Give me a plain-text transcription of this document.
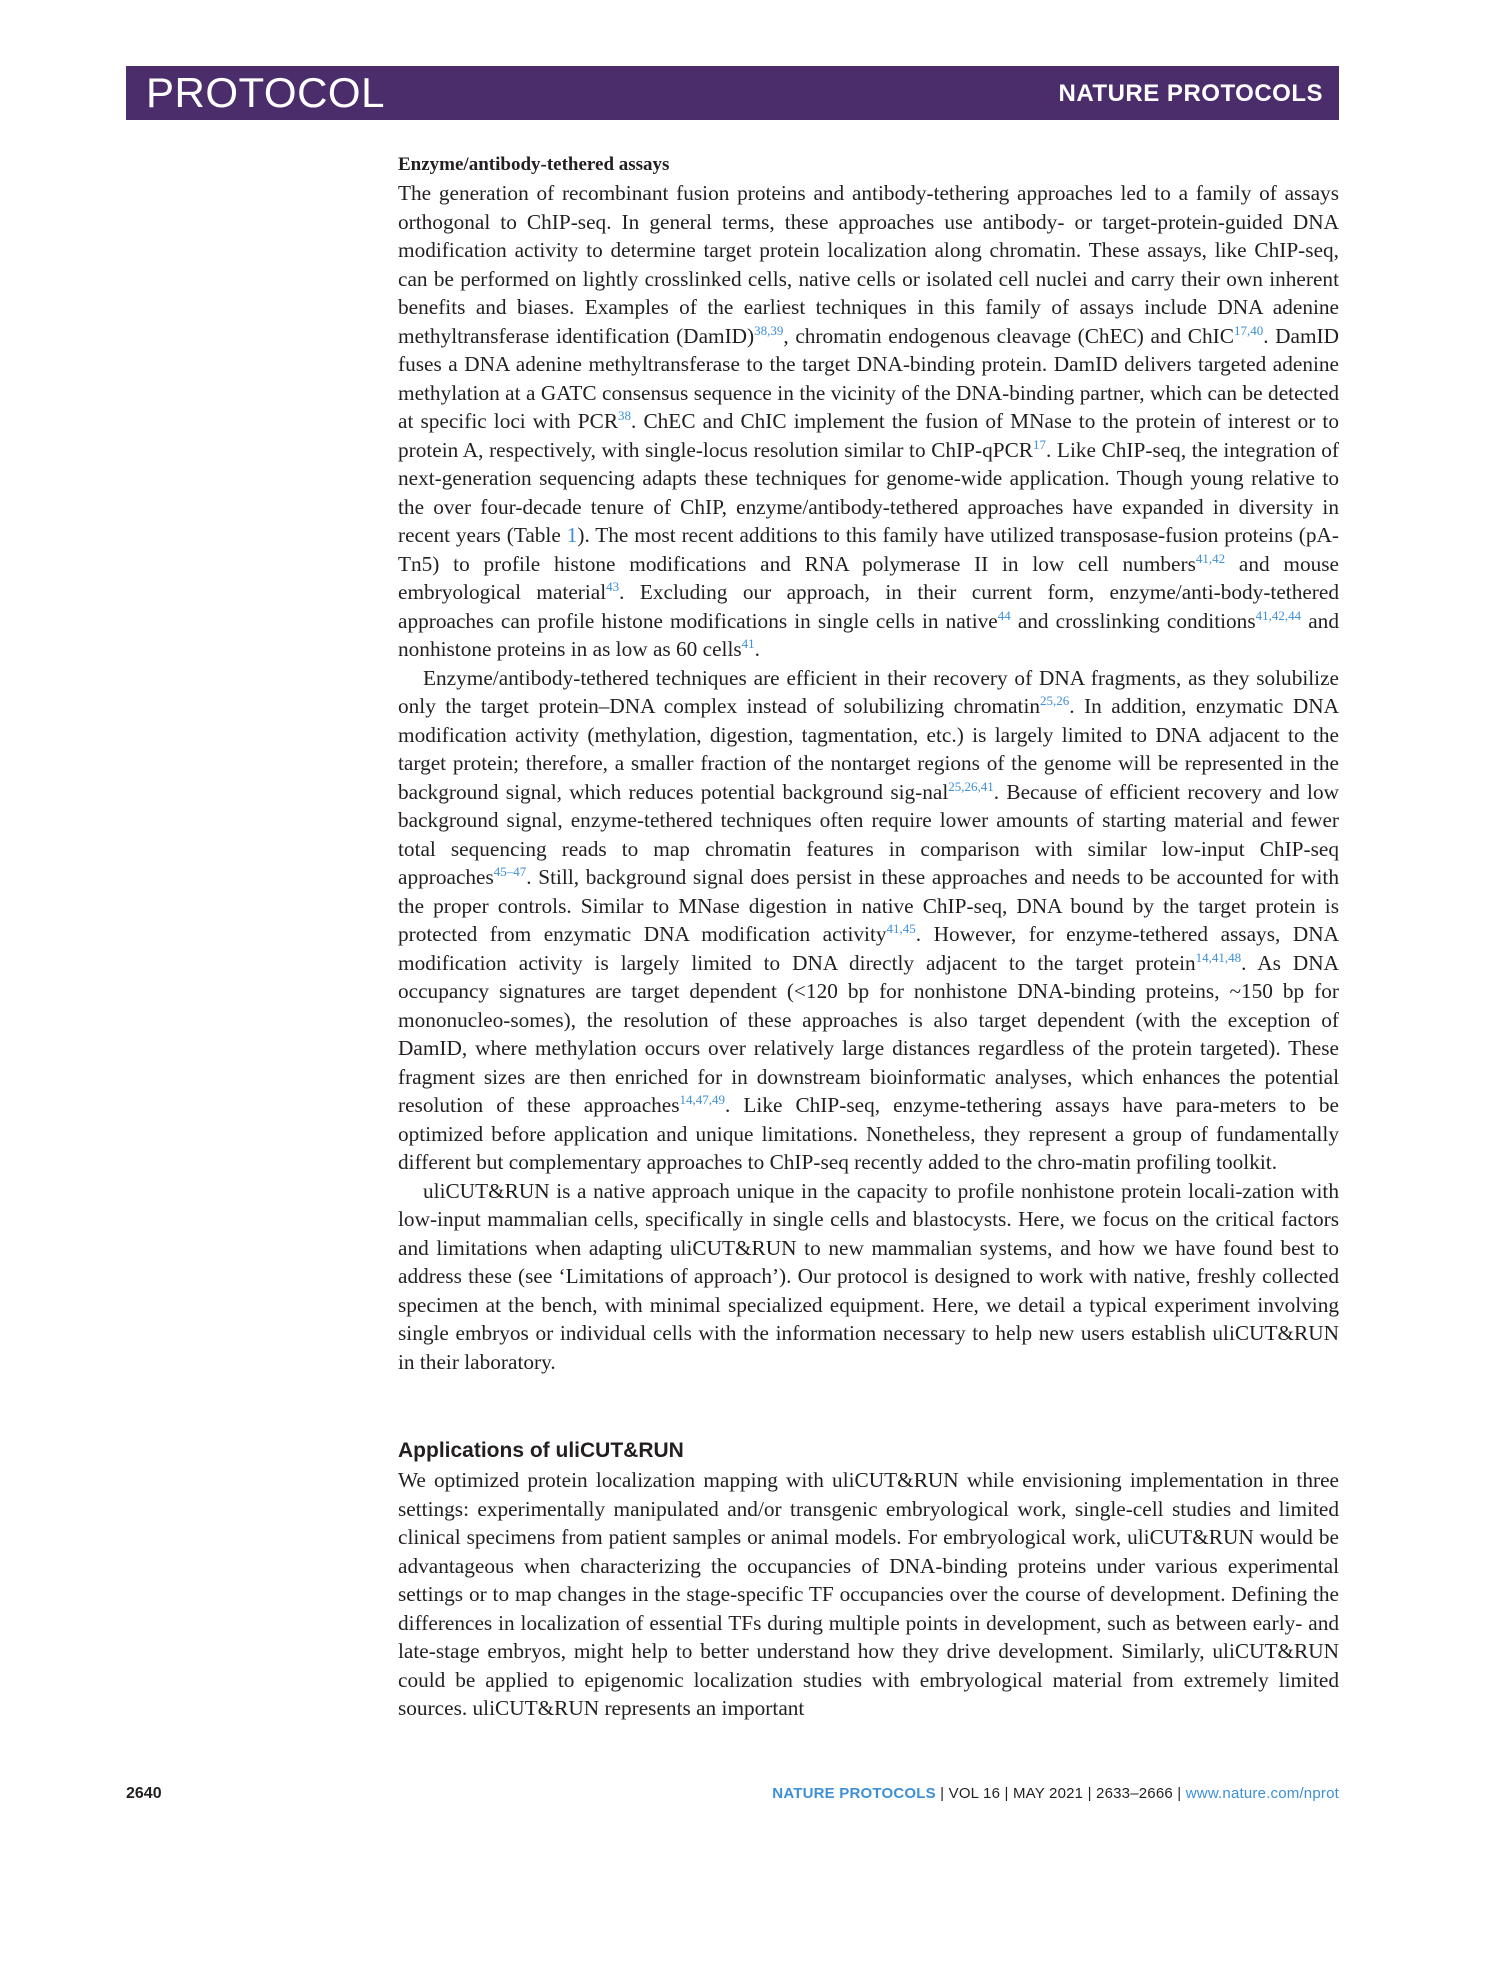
PROTOCOL	NATURE PROTOCOLS
Enzyme/antibody-tethered assays

The generation of recombinant fusion proteins and antibody-tethering approaches led to a family of assays orthogonal to ChIP-seq. In general terms, these approaches use antibody- or target-protein-guided DNA modification activity to determine target protein localization along chromatin. These assays, like ChIP-seq, can be performed on lightly crosslinked cells, native cells or isolated cell nuclei and carry their own inherent benefits and biases. Examples of the earliest techniques in this family of assays include DNA adenine methyltransferase identification (DamID)$^{38,39}$, chromatin endogenous cleavage (ChEC) and ChIC$^{17,40}$. DamID fuses a DNA adenine methyltransferase to the target DNA-binding protein. DamID delivers targeted adenine methylation at a GATC consensus sequence in the vicinity of the DNA-binding partner, which can be detected at specific loci with PCR$^{38}$. ChEC and ChIC implement the fusion of MNase to the protein of interest or to protein A, respectively, with single-locus resolution similar to ChIP-qPCR$^{17}$. Like ChIP-seq, the integration of next-generation sequencing adapts these techniques for genome-wide application. Though young relative to the over four-decade tenure of ChIP, enzyme/antibody-tethered approaches have expanded in diversity in recent years (Table 1). The most recent additions to this family have utilized transposase-fusion proteins (pA-Tn5) to profile histone modifications and RNA polymerase II in low cell numbers$^{41,42}$ and mouse embryological material$^{43}$. Excluding our approach, in their current form, enzyme/anti-body-tethered approaches can profile histone modifications in single cells in native$^{44}$ and crosslinking conditions$^{41,42,44}$ and nonhistone proteins in as low as 60 cells$^{41}$.

Enzyme/antibody-tethered techniques are efficient in their recovery of DNA fragments, as they solubilize only the target protein–DNA complex instead of solubilizing chromatin$^{25,26}$. In addition, enzymatic DNA modification activity (methylation, digestion, tagmentation, etc.) is largely limited to DNA adjacent to the target protein; therefore, a smaller fraction of the nontarget regions of the genome will be represented in the background signal, which reduces potential background sig-nal$^{25,26,41}$. Because of efficient recovery and low background signal, enzyme-tethered techniques often require lower amounts of starting material and fewer total sequencing reads to map chromatin features in comparison with similar low-input ChIP-seq approaches$^{45-47}$. Still, background signal does persist in these approaches and needs to be accounted for with the proper controls. Similar to MNase digestion in native ChIP-seq, DNA bound by the target protein is protected from enzymatic DNA modification activity$^{41,45}$. However, for enzyme-tethered assays, DNA modification activity is largely limited to DNA directly adjacent to the target protein$^{14,41,48}$. As DNA occupancy signatures are target dependent (<120 bp for nonhistone DNA-binding proteins, ~150 bp for mononucleo-somes), the resolution of these approaches is also target dependent (with the exception of DamID, where methylation occurs over relatively large distances regardless of the protein targeted). These fragment sizes are then enriched for in downstream bioinformatic analyses, which enhances the potential resolution of these approaches$^{14,47,49}$. Like ChIP-seq, enzyme-tethering assays have para-meters to be optimized before application and unique limitations. Nonetheless, they represent a group of fundamentally different but complementary approaches to ChIP-seq recently added to the chro-matin profiling toolkit.

uliCUT&RUN is a native approach unique in the capacity to profile nonhistone protein locali-zation with low-input mammalian cells, specifically in single cells and blastocysts. Here, we focus on the critical factors and limitations when adapting uliCUT&RUN to new mammalian systems, and how we have found best to address these (see ‘Limitations of approach’). Our protocol is designed to work with native, freshly collected specimen at the bench, with minimal specialized equipment. Here, we detail a typical experiment involving single embryos or individual cells with the information necessary to help new users establish uliCUT&RUN in their laboratory.

Applications of uliCUT&RUN

We optimized protein localization mapping with uliCUT&RUN while envisioning implementation in three settings: experimentally manipulated and/or transgenic embryological work, single-cell studies and limited clinical specimens from patient samples or animal models. For embryological work, uliCUT&RUN would be advantageous when characterizing the occupancies of DNA-binding proteins under various experimental settings or to map changes in the stage-specific TF occupancies over the course of development. Defining the differences in localization of essential TFs during multiple points in development, such as between early- and late-stage embryos, might help to better understand how they drive development. Similarly, uliCUT&RUN could be applied to epigenomic localization studies with embryological material from extremely limited sources. uliCUT&RUN represents an important

2640	NATURE PROTOCOLS | VOL 16 | MAY 2021 | 2633–2666 | www.nature.com/nprot
